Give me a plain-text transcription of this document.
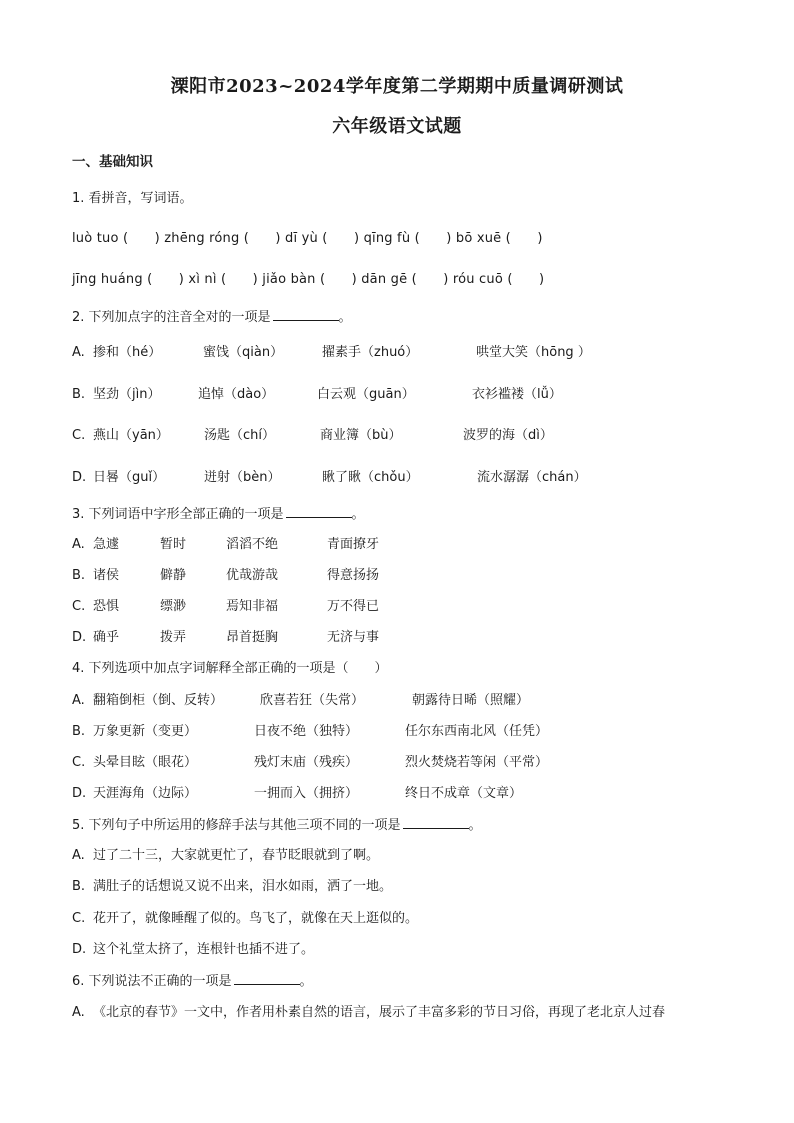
溧阳市2023~2024学年度第二学期期中质量调研测试
六年级语文试题
一、基础知识
1. 看拼音，写词语。
luò tuo (　　) zhēng róng (　　) dī yù (　　) qīng fù (　　) bō xuē (　　)
jīng huáng (　　) xì nì (　　) jiǎo bàn (　　) dān gē (　　) róu cuō (　　)
2. 下列加点字的注音全对的一项是	。
A. 掺和（hé）	蜜饯（qiàn）	擢素手（zhuó）	哄堂大笑（hōng ）
B. 坚劲（jìn）	追悼（dào）	白云观（guān）	衣衫褴褛（lǚ）
C. 燕山（yān）	汤匙（chí）	商业簿（bù）	波罗的海（dì）
D. 日晷（guǐ）	迸射（bèn）	瞅了瞅（chǒu）	流水潺潺（chán）
3. 下列词语中字形全部正确的一项是	。
A. 急遽	暂时	滔滔不绝	青面撩牙
B. 诸侯	僻静	优哉游哉	得意扬扬
C. 恐惧	缥渺	焉知非福	万不得已
D. 确乎	拨弄	昂首挺胸	无济与事
4. 下列选项中加点字词解释全部正确的一项是（　　）
A. 翻箱倒柜（倒、反转）	欣喜若狂（失常）	朝露待日晞（照耀）
B. 万象更新（变更）	日夜不绝（独特）	任尔东西南北风（任凭）
C. 头晕目眩（眼花）	残灯末庙（残疾）	烈火焚烧若等闲（平常）
D. 天涯海角（边际）	一拥而入（拥挤）	终日不成章（文章）
5. 下列句子中所运用的修辞手法与其他三项不同的一项是	。
A. 过了二十三，大家就更忙了，春节眨眼就到了啊。
B. 满肚子的话想说又说不出来，泪水如雨，洒了一地。
C. 花开了，就像睡醒了似的。鸟飞了，就像在天上逛似的。
D. 这个礼堂太挤了，连根针也插不进了。
6. 下列说法不正确的一项是	。
A. 《北京的春节》一文中，作者用朴素自然的语言，展示了丰富多彩的节日习俗，再现了老北京人过春
